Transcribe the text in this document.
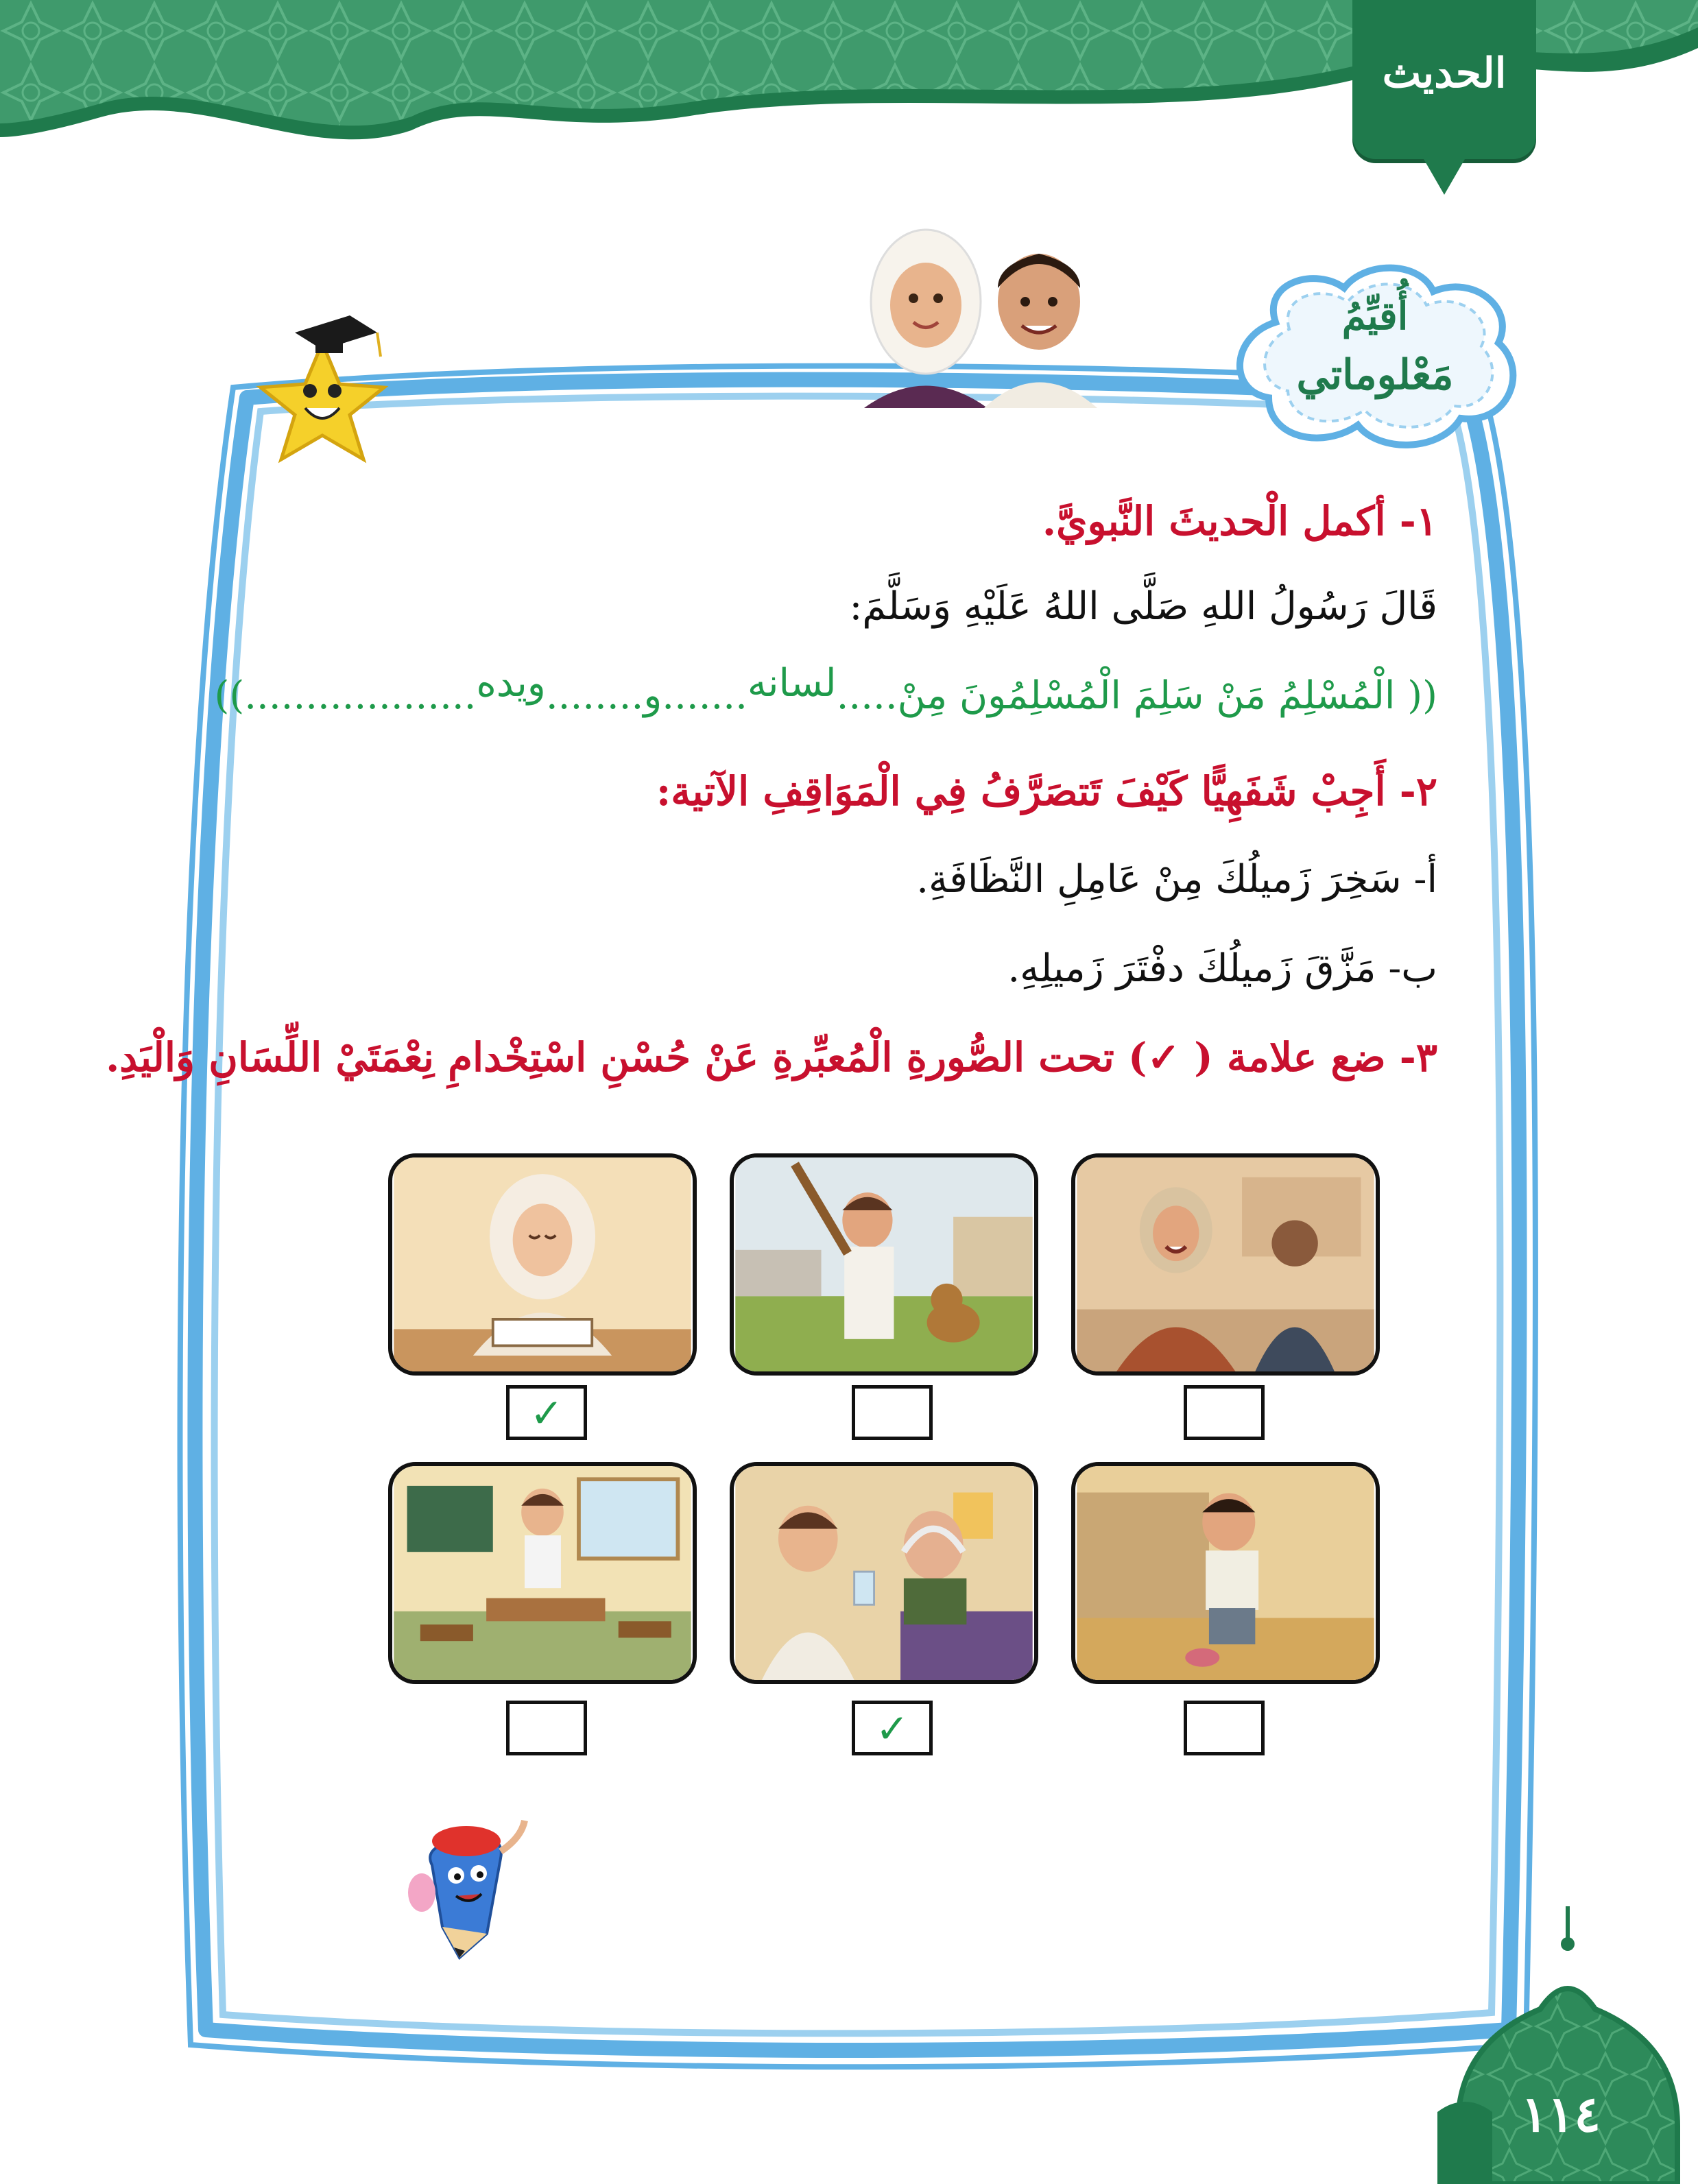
الحديث
أُقيِّمُ
مَعْلوماتي
١- أكمل الْحديثَ النَّبويَّ.
قَالَ رَسُولُ اللهِ صَلَّى اللهُ عَلَيْهِ وَسَلَّمَ:
(( الْمُسْلِمُ مَنْ سَلِمَ الْمُسْلِمُونَ مِنْ.....لسانه.......و........ويده...................))
٢- أَجِبْ شَفَهِيًّا كَيْفَ تَتصَرَّفُ فِي الْمَوَاقِفِ الآتية:
أ- سَخِرَ زَميلُكَ مِنْ عَامِلِ النَّظَافَةِ.
ب- مَزَّقَ زَميلُكَ دفْتَرَ زَميلِهِ.
٣- ضع علامة ( ✓) تحت الصُّورةِ الْمُعبِّرةِ عَنْ حُسْنِ اسْتِخْدامِ نِعْمَتَيْ اللِّسَانِ وَالْيَدِ.
✓
✓
١١٤
